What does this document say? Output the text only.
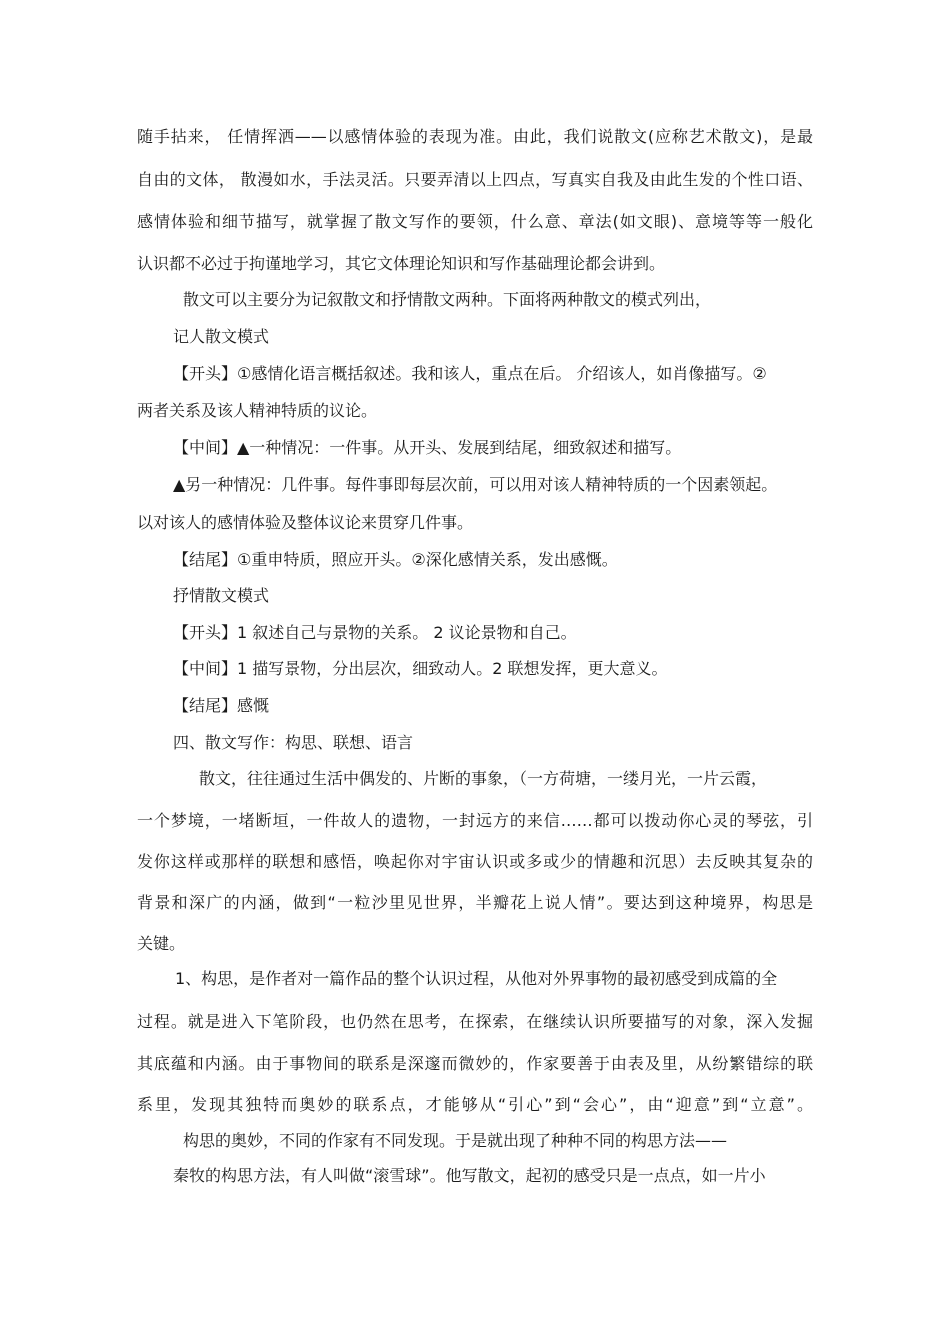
随手拈来， 任情挥洒——以感情体验的表现为准。由此，我们说散文(应称艺术散文)，是最
自由的文体， 散漫如水，手法灵活。只要弄清以上四点，写真实自我及由此生发的个性口语、
感情体验和细节描写，就掌握了散文写作的要领，什么意、章法(如文眼)、意境等等一般化
认识都不必过于拘谨地学习，其它文体理论知识和写作基础理论都会讲到。
散文可以主要分为记叙散文和抒情散文两种。下面将两种散文的模式列出，
记人散文模式
【开头】①感情化语言概括叙述。我和该人，重点在后。 介绍该人，如肖像描写。②
两者关系及该人精神特质的议论。
【中间】▲一种情况：一件事。从开头、发展到结尾，细致叙述和描写。
▲另一种情况：几件事。每件事即每层次前，可以用对该人精神特质的一个因素领起。
以对该人的感情体验及整体议论来贯穿几件事。
【结尾】①重申特质，照应开头。②深化感情关系，发出感慨。
抒情散文模式
【开头】1 叙述自己与景物的关系。 2 议论景物和自己。
【中间】1 描写景物，分出层次，细致动人。2 联想发挥，更大意义。
【结尾】感慨
四、散文写作：构思、联想、语言
散文，往往通过生活中偶发的、片断的事象，（一方荷塘，一缕月光，一片云霞，
一个梦境，一堵断垣，一件故人的遗物，一封远方的来信……都可以拨动你心灵的琴弦，引
发你这样或那样的联想和感悟，唤起你对宇宙认识或多或少的情趣和沉思）去反映其复杂的
背景和深广的内涵，做到“一粒沙里见世界，半瓣花上说人情”。要达到这种境界，构思是
关键。
1、构思，是作者对一篇作品的整个认识过程，从他对外界事物的最初感受到成篇的全
过程。就是进入下笔阶段，也仍然在思考，在探索，在继续认识所要描写的对象，深入发掘
其底蕴和内涵。由于事物间的联系是深邃而微妙的，作家要善于由表及里，从纷繁错综的联
系里，发现其独特而奥妙的联系点，才能够从“引心”到“会心”，由“迎意”到“立意”。
构思的奥妙，不同的作家有不同发现。于是就出现了种种不同的构思方法——
秦牧的构思方法，有人叫做“滚雪球”。他写散文，起初的感受只是一点点，如一片小
